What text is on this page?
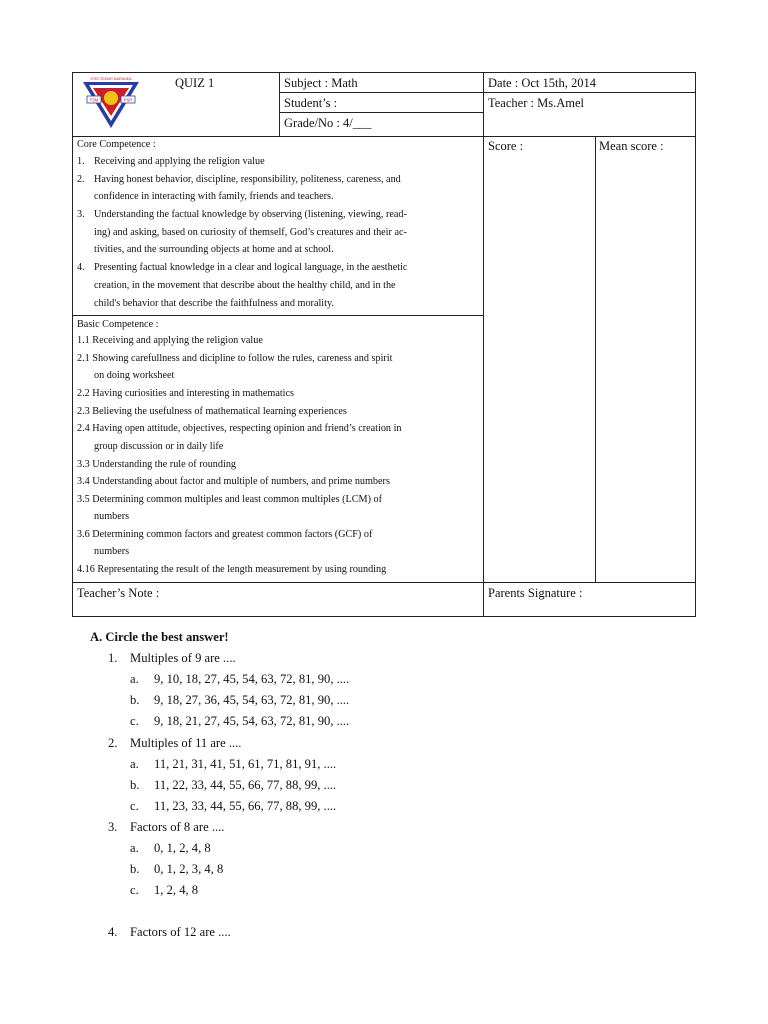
STECTEMUR MARANEA
TSM	PSR
QUIZ 1	Subject : Math
Student’s :
Grade/No : 4/___
Date : Oct 15th, 2014
Teacher : Ms.Amel
Score :	Mean score :
Core Competence :
1. Receiving and applying the religion value
2. Having honest behavior, discipline, responsibility, politeness, careness, and
confidence in interacting with family, friends and teachers.
3. Understanding the factual knowledge by observing (listening, viewing, read-
ing) and asking, based on curiosity of themself, God’s creatures and their ac-
tivities, and the surrounding objects at home and at school.
4. Presenting factual knowledge in a clear and logical language, in the aesthetic
creation, in the movement that describe about the healthy child, and in the
child's behavior that describe the faithfulness and morality.
Basic Competence :
1.1 Receiving and applying the religion value
2.1 Showing carefullness and dicipline to follow the rules, careness and spirit
on doing worksheet
2.2 Having curiosities and interesting in mathematics
2.3 Believing the usefulness of mathematical learning experiences
2.4 Having open attitude, objectives, respecting opinion and friend’s creation in
group discussion or in daily life
3.3 Understanding the rule of rounding
3.4 Understanding about factor and multiple of numbers, and prime numbers
3.5 Determining common multiples and least common multiples (LCM) of
numbers
3.6 Determining common factors and greatest common factors (GCF) of
numbers
4.16 Representating the result of the length measurement by using rounding
Teacher’s Note :	Parents Signature :
A. Circle the best answer!
1. Multiples of 9 are ....
a. 9, 10, 18, 27, 45, 54, 63, 72, 81, 90, ....
b. 9, 18, 27, 36, 45, 54, 63, 72, 81, 90, ....
c. 9, 18, 21, 27, 45, 54, 63, 72, 81, 90, ....
2. Multiples of 11 are ....
a. 11, 21, 31, 41, 51, 61, 71, 81, 91, ....
b. 11, 22, 33, 44, 55, 66, 77, 88, 99, ....
c. 11, 23, 33, 44, 55, 66, 77, 88, 99, ....
3. Factors of 8 are ....
a. 0, 1, 2, 4, 8
b. 0, 1, 2, 3, 4, 8
c. 1, 2, 4, 8
4. Factors of 12 are ....
